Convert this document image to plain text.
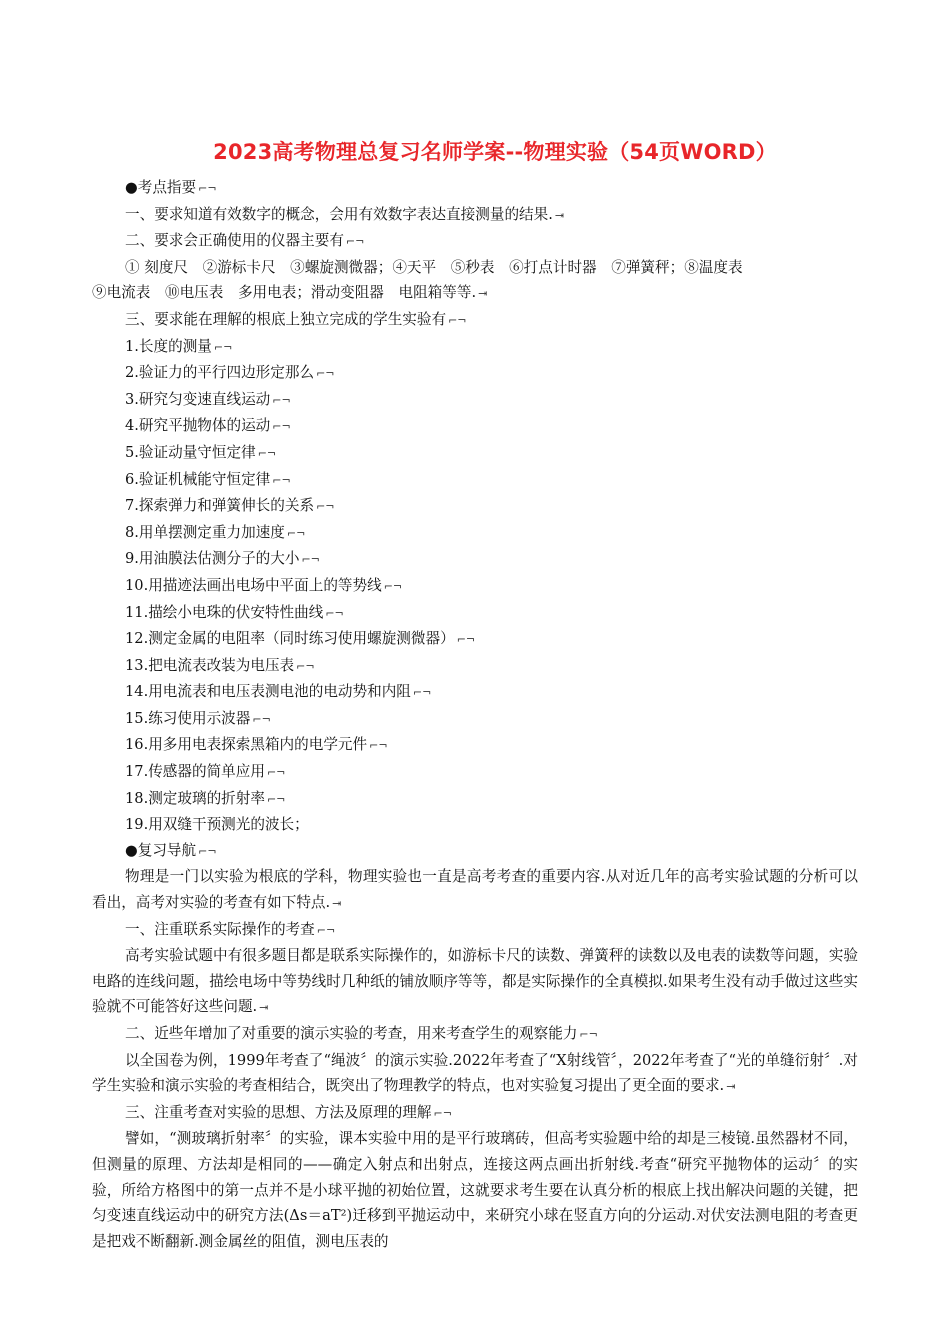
2023高考物理总复习名师学案--物理实验（54页WORD）
●考点指要 ⌐¬
一、要求知道有效数字的概念，会用有效数字表达直接测量的结果. ⇥
二、要求会正确使用的仪器主要有 ⌐¬
① 刻度尺　②游标卡尺　③螺旋测微器；④天平　⑤秒表　⑥打点计时器　⑦弹簧秤；⑧温度表
⑨电流表　⑩电压表　多用电表；滑动变阻器　电阻箱等等. ⇥
三、要求能在理解的根底上独立完成的学生实验有 ⌐¬
1.长度的测量 ⌐¬
2.验证力的平行四边形定那么 ⌐¬
3.研究匀变速直线运动 ⌐¬
4.研究平抛物体的运动 ⌐¬
5.验证动量守恒定律 ⌐¬
6.验证机械能守恒定律 ⌐¬
7.探索弹力和弹簧伸长的关系 ⌐¬
8.用单摆测定重力加速度 ⌐¬
9.用油膜法估测分子的大小 ⌐¬
10.用描迹法画出电场中平面上的等势线 ⌐¬
11.描绘小电珠的伏安特性曲线 ⌐¬
12.测定金属的电阻率（同时练习使用螺旋测微器） ⌐¬
13.把电流表改装为电压表 ⌐¬
14.用电流表和电压表测电池的电动势和内阻 ⌐¬
15.练习使用示波器 ⌐¬
16.用多用电表探索黑箱内的电学元件 ⌐¬
17.传感器的简单应用 ⌐¬
18.测定玻璃的折射率 ⌐¬
19.用双缝干预测光的波长；
●复习导航 ⌐¬
物理是一门以实验为根底的学科，物理实验也一直是高考考查的重要内容.从对近几年的高考实验试题的分析可以看出，高考对实验的考查有如下特点. ⇥
一、注重联系实际操作的考查 ⌐¬
高考实验试题中有很多题目都是联系实际操作的，如游标卡尺的读数、弹簧秤的读数以及电表的读数等问题，实验电路的连线问题，描绘电场中等势线时几种纸的铺放顺序等等，都是实际操作的全真模拟.如果考生没有动手做过这些实验就不可能答好这些问题. ⇥
二、近些年增加了对重要的演示实验的考查，用来考查学生的观察能力 ⌐¬
以全国卷为例，1999年考查了“绳波〞的演示实验.2022年考查了“X射线管〞，2022年考查了“光的单缝衍射〞.对学生实验和演示实验的考查相结合，既突出了物理教学的特点，也对实验复习提出了更全面的要求. ⇥
三、注重考查对实验的思想、方法及原理的理解 ⌐¬
譬如，“测玻璃折射率〞的实验，课本实验中用的是平行玻璃砖，但高考实验题中给的却是三棱镜.虽然器材不同，但测量的原理、方法却是相同的——确定入射点和出射点，连接这两点画出折射线.考查“研究平抛物体的运动〞的实验，所给方格图中的第一点并不是小球平抛的初始位置，这就要求考生要在认真分析的根底上找出解决问题的关键，把匀变速直线运动中的研究方法(Δs＝aT²)迁移到平抛运动中，来研究小球在竖直方向的分运动.对伏安法测电阻的考查更是把戏不断翻新.测金属丝的阻值，测电压表的
